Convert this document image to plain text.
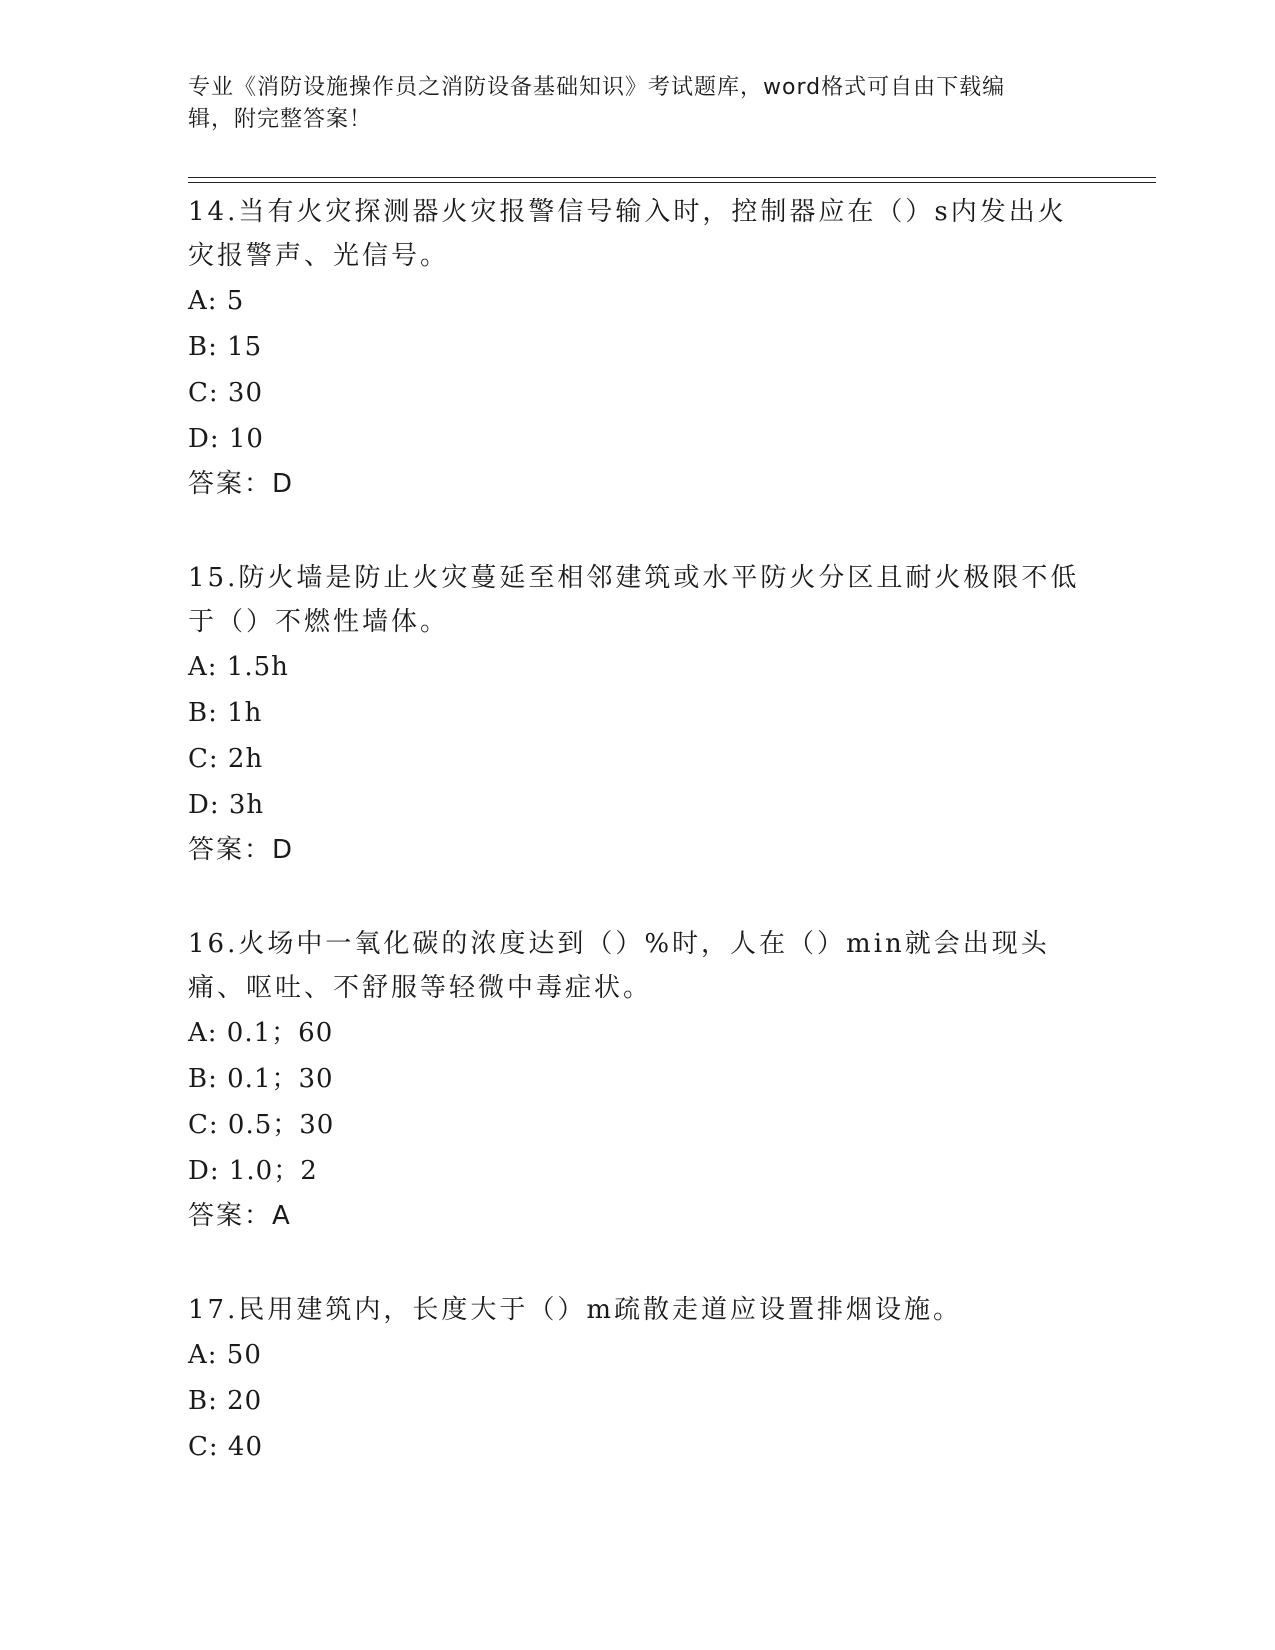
专业《消防设施操作员之消防设备基础知识》考试题库，word格式可自由下载编
辑，附完整答案！

14.当有火灾探测器火灾报警信号输入时，控制器应在（）s内发出火灾报警声、光信号。

A: 5

B: 15

C: 30

D: 10

答案：D

15.防火墙是防止火灾蔓延至相邻建筑或水平防火分区且耐火极限不低于（）不燃性墙体。

A: 1.5h

B: 1h

C: 2h

D: 3h

答案：D

16.火场中一氧化碳的浓度达到（）%时，人在（）min就会出现头痛、呕吐、不舒服等轻微中毒症状。

A: 0.1；60

B: 0.1；30

C: 0.5；30

D: 1.0；2

答案：A

17.民用建筑内，长度大于（）m疏散走道应设置排烟设施。

A: 50

B: 20

C: 40
